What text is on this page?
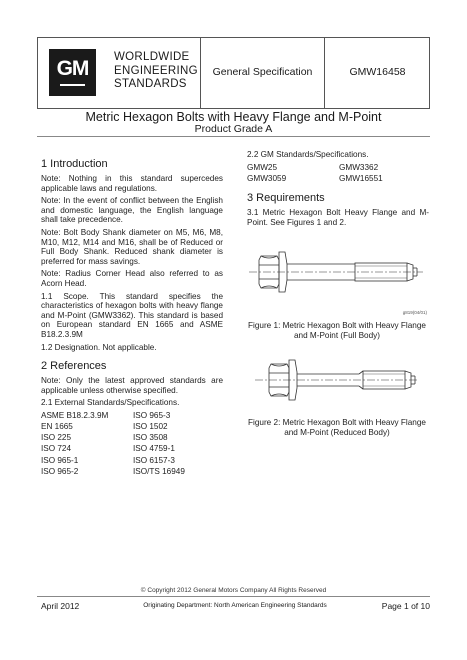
GM	WORLDWIDE
ENGINEERING
STANDARDS
General Specification	GMW16458
Metric Hexagon Bolts with Heavy Flange and M-Point
Product Grade A
1 Introduction

Note: Nothing in this standard supercedes applicable laws and regulations.

Note: In the event of conflict between the English and domestic language, the English language shall take precedence.

Note: Bolt Body Shank diameter on M5, M6, M8, M10, M12, M14 and M16, shall be of Reduced or Full Body Shank. Reduced shank diameter is preferred for mass savings.

Note: Radius Corner Head also referred to as Acorn Head.

1.1 Scope. This standard specifies the characteristics of hexagon bolts with heavy flange and M-Point (GMW3362). This standard is based on European standard EN 1665 and ASME B18.2.3.9M

1.2 Designation. Not applicable.

2 References

Note: Only the latest approved standards are applicable unless otherwise specified.

2.1 External Standards/Specifications.

ASME B18.2.3.9M	ISO 965-3
EN 1665	ISO 1502
ISO 225	ISO 3508
ISO 724	ISO 4759-1
ISO 965-1	ISO 6157-3
ISO 965-2	ISO/TS 16949

2.2 GM Standards/Specifications.

GMW25	GMW3362
GMW3059	GMW16551
3 Requirements

3.1 Metric Hexagon Bolt Heavy Flange and M-Point. See Figures 1 and 2.

g819(04/01)
Figure 1: Metric Hexagon Bolt with Heavy Flange and M-Point (Full Body)
Figure 2: Metric Hexagon Bolt with Heavy Flange and M-Point (Reduced Body)
© Copyright 2012 General Motors Company All Rights Reserved
April 2012	Originating Department: North American Engineering Standards	Page 1 of 10
